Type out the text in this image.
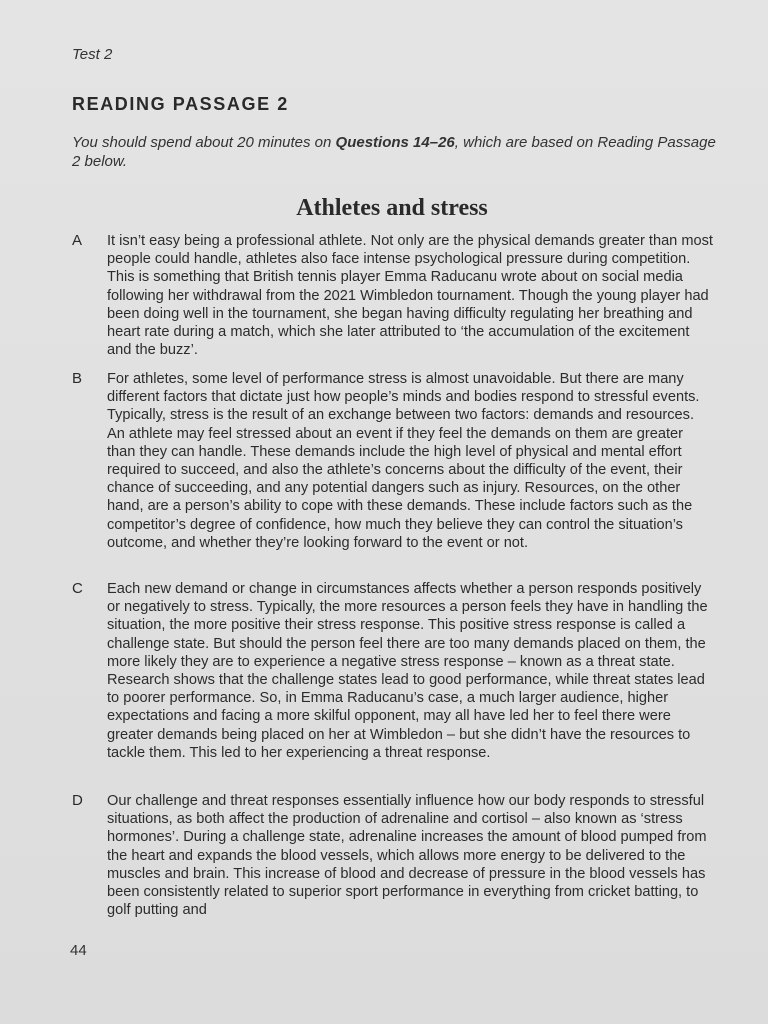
Test 2
READING PASSAGE 2
You should spend about 20 minutes on Questions 14–26, which are based on Reading Passage 2 below.
Athletes and stress
A It isn’t easy being a professional athlete. Not only are the physical demands greater than most people could handle, athletes also face intense psychological pressure during competition. This is something that British tennis player Emma Raducanu wrote about on social media following her withdrawal from the 2021 Wimbledon tournament. Though the young player had been doing well in the tournament, she began having difficulty regulating her breathing and heart rate during a match, which she later attributed to ‘the accumulation of the excitement and the buzz’.
B For athletes, some level of performance stress is almost unavoidable. But there are many different factors that dictate just how people’s minds and bodies respond to stressful events. Typically, stress is the result of an exchange between two factors: demands and resources. An athlete may feel stressed about an event if they feel the demands on them are greater than they can handle. These demands include the high level of physical and mental effort required to succeed, and also the athlete’s concerns about the difficulty of the event, their chance of succeeding, and any potential dangers such as injury. Resources, on the other hand, are a person’s ability to cope with these demands. These include factors such as the competitor’s degree of confidence, how much they believe they can control the situation’s outcome, and whether they’re looking forward to the event or not.
C Each new demand or change in circumstances affects whether a person responds positively or negatively to stress. Typically, the more resources a person feels they have in handling the situation, the more positive their stress response. This positive stress response is called a challenge state. But should the person feel there are too many demands placed on them, the more likely they are to experience a negative stress response – known as a threat state. Research shows that the challenge states lead to good performance, while threat states lead to poorer performance. So, in Emma Raducanu’s case, a much larger audience, higher expectations and facing a more skilful opponent, may all have led her to feel there were greater demands being placed on her at Wimbledon – but she didn’t have the resources to tackle them. This led to her experiencing a threat response.
D Our challenge and threat responses essentially influence how our body responds to stressful situations, as both affect the production of adrenaline and cortisol – also known as ‘stress hormones’. During a challenge state, adrenaline increases the amount of blood pumped from the heart and expands the blood vessels, which allows more energy to be delivered to the muscles and brain. This increase of blood and decrease of pressure in the blood vessels has been consistently related to superior sport performance in everything from cricket batting, to golf putting and
44
